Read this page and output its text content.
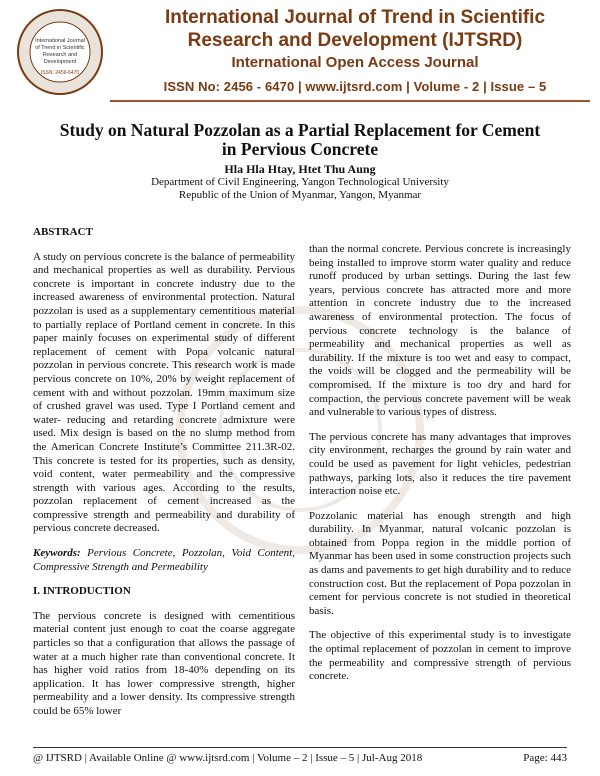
International Journal
of Trend in Scientific
Research and
Development
ISSN: 2456-6470
International Journal of Trend in Scientific
Research and Development (IJTSRD)
International Open Access Journal
ISSN No: 2456 - 6470 | www.ijtsrd.com | Volume - 2 | Issue – 5
Study on Natural Pozzolan as a Partial Replacement for Cement
in Pervious Concrete
Hla Hla Htay, Htet Thu Aung
Department of Civil Engineering, Yangon Technological University
Republic of the Union of Myanmar, Yangon, Myanmar

ABSTRACT

A study on pervious concrete is the balance of permeability and mechanical properties as well as durability. Pervious concrete is important in concrete industry due to the increased awareness of environmental protection. Natural pozzolan is used as a supplementary cementitious material to partially replace of Portland cement in concrete. In this paper mainly focuses on experimental study of different replacement of cement with Popa volcanic natural pozzolan in pervious concrete. This research work is made pervious concrete on 10%, 20% by weight replacement of cement with and without pozzolan. 19mm maximum size of crushed gravel was used. Type I Portland cement and water- reducing and retarding concrete admixture were used. Mix design is based on the no slump method from the American Concrete Institute’s Committee 211.3R-02. This concrete is tested for its properties, such as density, void content, water permeability and the compressive strength with various ages. According to the results, pozzolan replacement of cement increased as the compressive strength and permeability and durability of pervious concrete decreased.

Keywords: Pervious Concrete, Pozzolan, Void Content, Compressive Strength and Permeability

I. INTRODUCTION

The pervious concrete is designed with cementitious material content just enough to coat the coarse aggregate particles so that a configuration that allows the passage of water at a much higher rate than conventional concrete. It has higher void ratios from 18-40% depending on its application. It has lower compressive strength, higher permeability and a lower density. Its compressive strength could be 65% lower

than the normal concrete. Pervious concrete is increasingly being installed to improve storm water quality and reduce runoff produced by urban settings. During the last few years, pervious concrete has attracted more and more attention in concrete industry due to the increased awareness of environmental protection. The focus of pervious concrete technology is the balance of permeability and mechanical properties as well as durability. If the mixture is too wet and easy to compact, the voids will be clogged and the permeability will be compromised. If the mixture is too dry and hard for compaction, the pervious concrete pavement will be weak and vulnerable to various types of distress.

The pervious concrete has many advantages that improves city environment, recharges the ground by rain water and could be used as pavement for light vehicles, pedestrian pathways, parking lots, also it reduces the tire pavement interaction noise etc.

Pozzolanic material has enough strength and high durability. In Myanmar, natural volcanic pozzolan is obtained from Poppa region in the middle portion of Myanmar has been used in some construction projects such as dams and pavements to get high durability and to reduce construction cost. But the replacement of Popa pozzolan in cement for pervious concrete is not studied in theoretical basis.

The objective of this experimental study is to investigate the optimal replacement of pozzolan in cement to improve the permeability and compressive strength of pervious concrete.

@ IJTSRD | Available Online @ www.ijtsrd.com | Volume – 2 | Issue – 5 | Jul-Aug 2018	Page: 443
